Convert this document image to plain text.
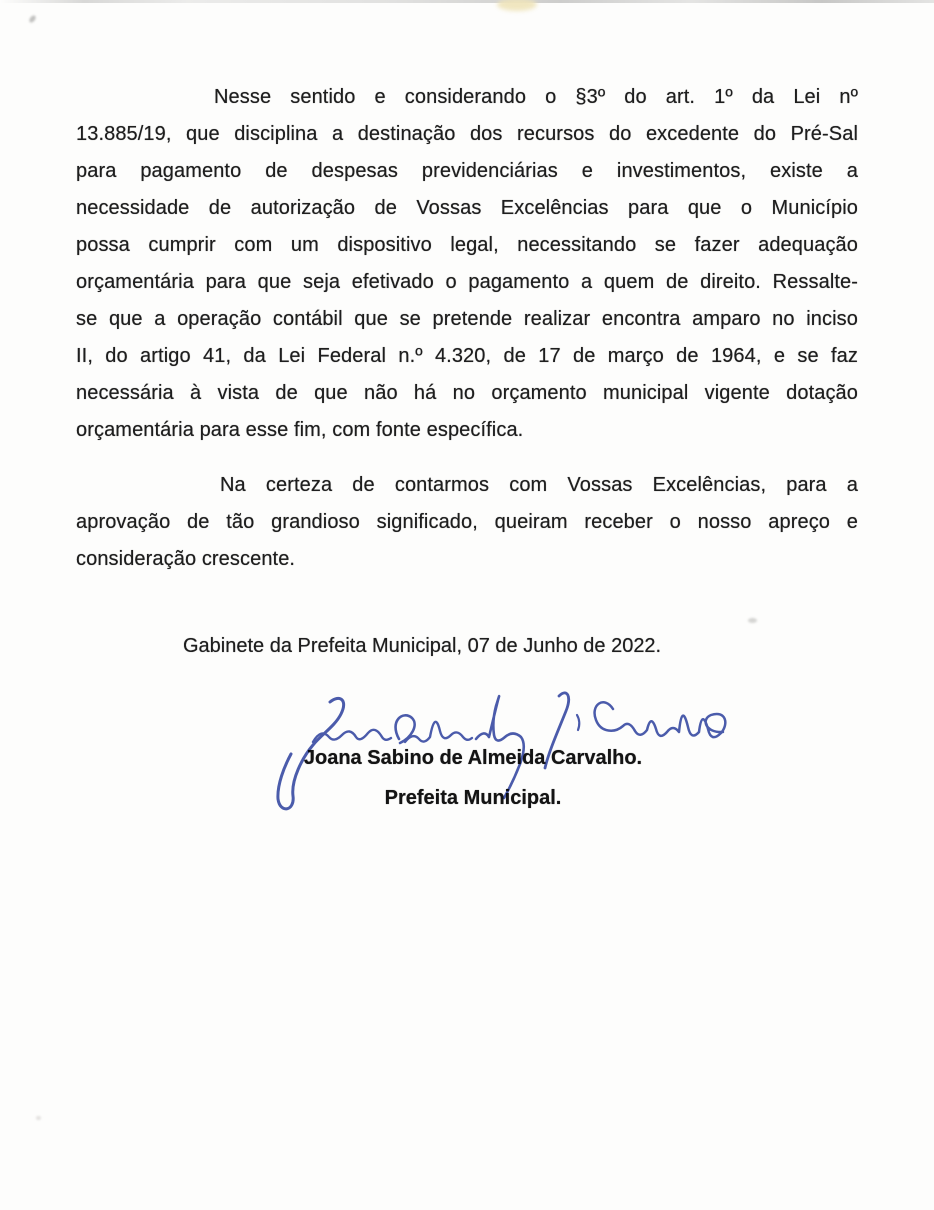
Nesse sentido e considerando o §3º do art. 1º da Lei nº
13.885/19, que disciplina a destinação dos recursos do excedente do Pré-Sal
para pagamento de despesas previdenciárias e investimentos, existe a
necessidade de autorização de Vossas Excelências para que o Município
possa cumprir com um dispositivo legal, necessitando se fazer adequação
orçamentária para que seja efetivado o pagamento a quem de direito. Ressalte-
se que a operação contábil que se pretende realizar encontra amparo no inciso
II, do artigo 41, da Lei Federal n.º 4.320, de 17 de março de 1964, e se faz
necessária à vista de que não há no orçamento municipal vigente dotação
orçamentária para esse fim, com fonte específica.
Na certeza de contarmos com Vossas Excelências, para a
aprovação de tão grandioso significado, queiram receber o nosso apreço e
consideração crescente.
Gabinete da Prefeita Municipal, 07 de Junho de 2022.
Joana Sabino de Almeida Carvalho.
Prefeita Municipal.
